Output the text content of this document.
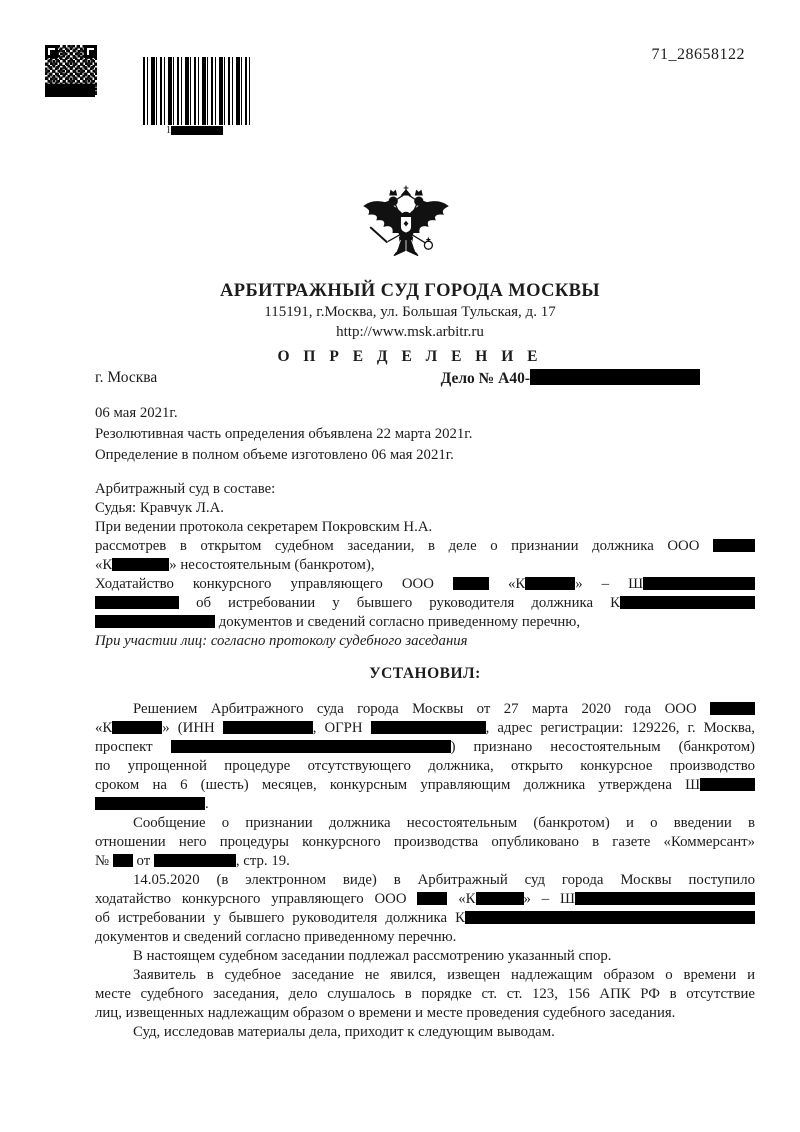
1
71_28658122
АРБИТРАЖНЫЙ СУД ГОРОДА МОСКВЫ
115191, г.Москва, ул. Большая Тульская, д. 17
http://www.msk.arbitr.ru
О П Р Е Д Е Л Е Н И Е
г. Москва	Дело № А40-
06 мая 2021г.
Резолютивная часть определения объявлена 22 марта 2021г.
Определение в полном объеме изготовлено 06 мая 2021г.
Арбитражный суд в составе:
Судья: Кравчук Л.А.
При ведении протокола секретарем Покровским Н.А.
рассмотрев в открытом судебном заседании, в деле о признании должника ООО
«К	» несостоятельным (банкротом),
Ходатайство конкурсного управляющего ООО  «К	» – Ш
об истребовании у бывшего руководителя должника К
документов и сведений согласно приведенному перечню,
При участии лиц: согласно протоколу судебного заседания
УСТАНОВИЛ:
Решением Арбитражного суда города Москвы от 27 марта 2020 года ООО
«К	» (ИНН	, ОГРН	, адрес регистрации: 129226, г. Москва,
проспект	) признано несостоятельным (банкротом)
по упрощенной процедуре отсутствующего должника, открыто конкурсное производство
сроком на 6 (шесть) месяцев, конкурсным управляющим должника утверждена Ш
.
Сообщение о признании должника несостоятельным (банкротом) и о введении в
отношении него процедуры конкурсного производства опубликовано в газете «Коммерсант»
№  от	, стр. 19.
14.05.2020 (в электронном виде) в Арбитражный суд города Москвы поступило
ходатайство конкурсного управляющего ООО  «К	» – Ш
об истребовании у бывшего руководителя должника К
документов и сведений согласно приведенному перечню.
В настоящем судебном заседании подлежал рассмотрению указанный спор.
Заявитель в судебное заседание не явился, извещен надлежащим образом о времени и
месте судебного заседания, дело слушалось в порядке ст. ст. 123, 156 АПК РФ в отсутствие
лиц, извещенных надлежащим образом о времени и месте проведения судебного заседания.
Суд, исследовав материалы дела, приходит к следующим выводам.
